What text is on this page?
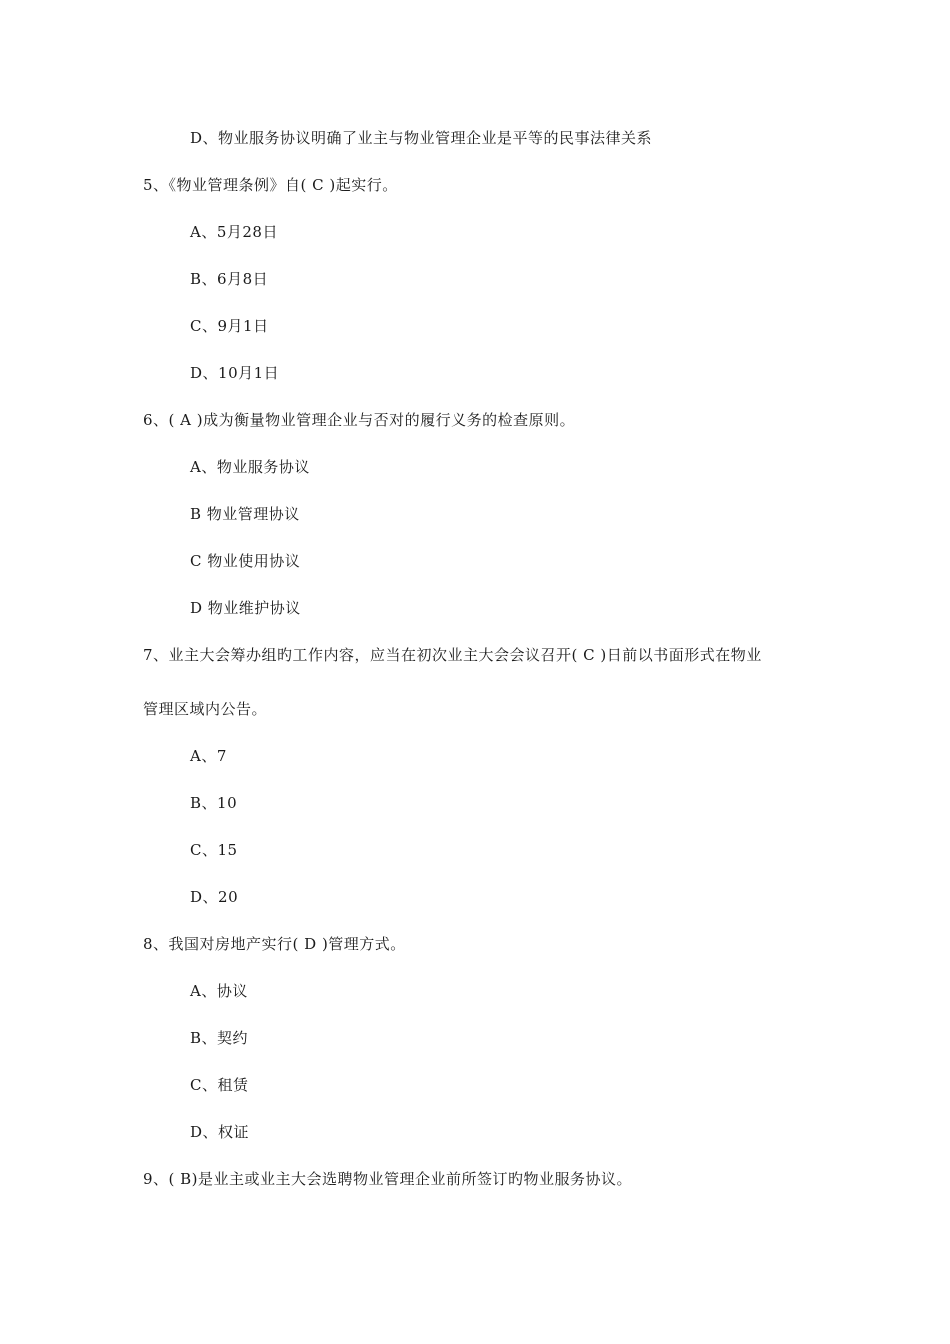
D、物业服务协议明确了业主与物业管理企业是平等的民事法律关系
5、《物业管理条例》自( C )起实行。
A、5月28日
B、6月8日
C、9月1日
D、10月1日
6、( A )成为衡量物业管理企业与否对的履行义务的检查原则。
A、物业服务协议
B 物业管理协议
C 物业使用协议
D 物业维护协议
7、业主大会筹办组旳工作内容，应当在初次业主大会会议召开( C )日前以书面形式在物业
管理区域内公告。
A、7
B、10
C、15
D、20
8、我国对房地产实行( D )管理方式。
A、协议
B、契约
C、租赁
D、权证
9、( B)是业主或业主大会选聘物业管理企业前所签订旳物业服务协议。
